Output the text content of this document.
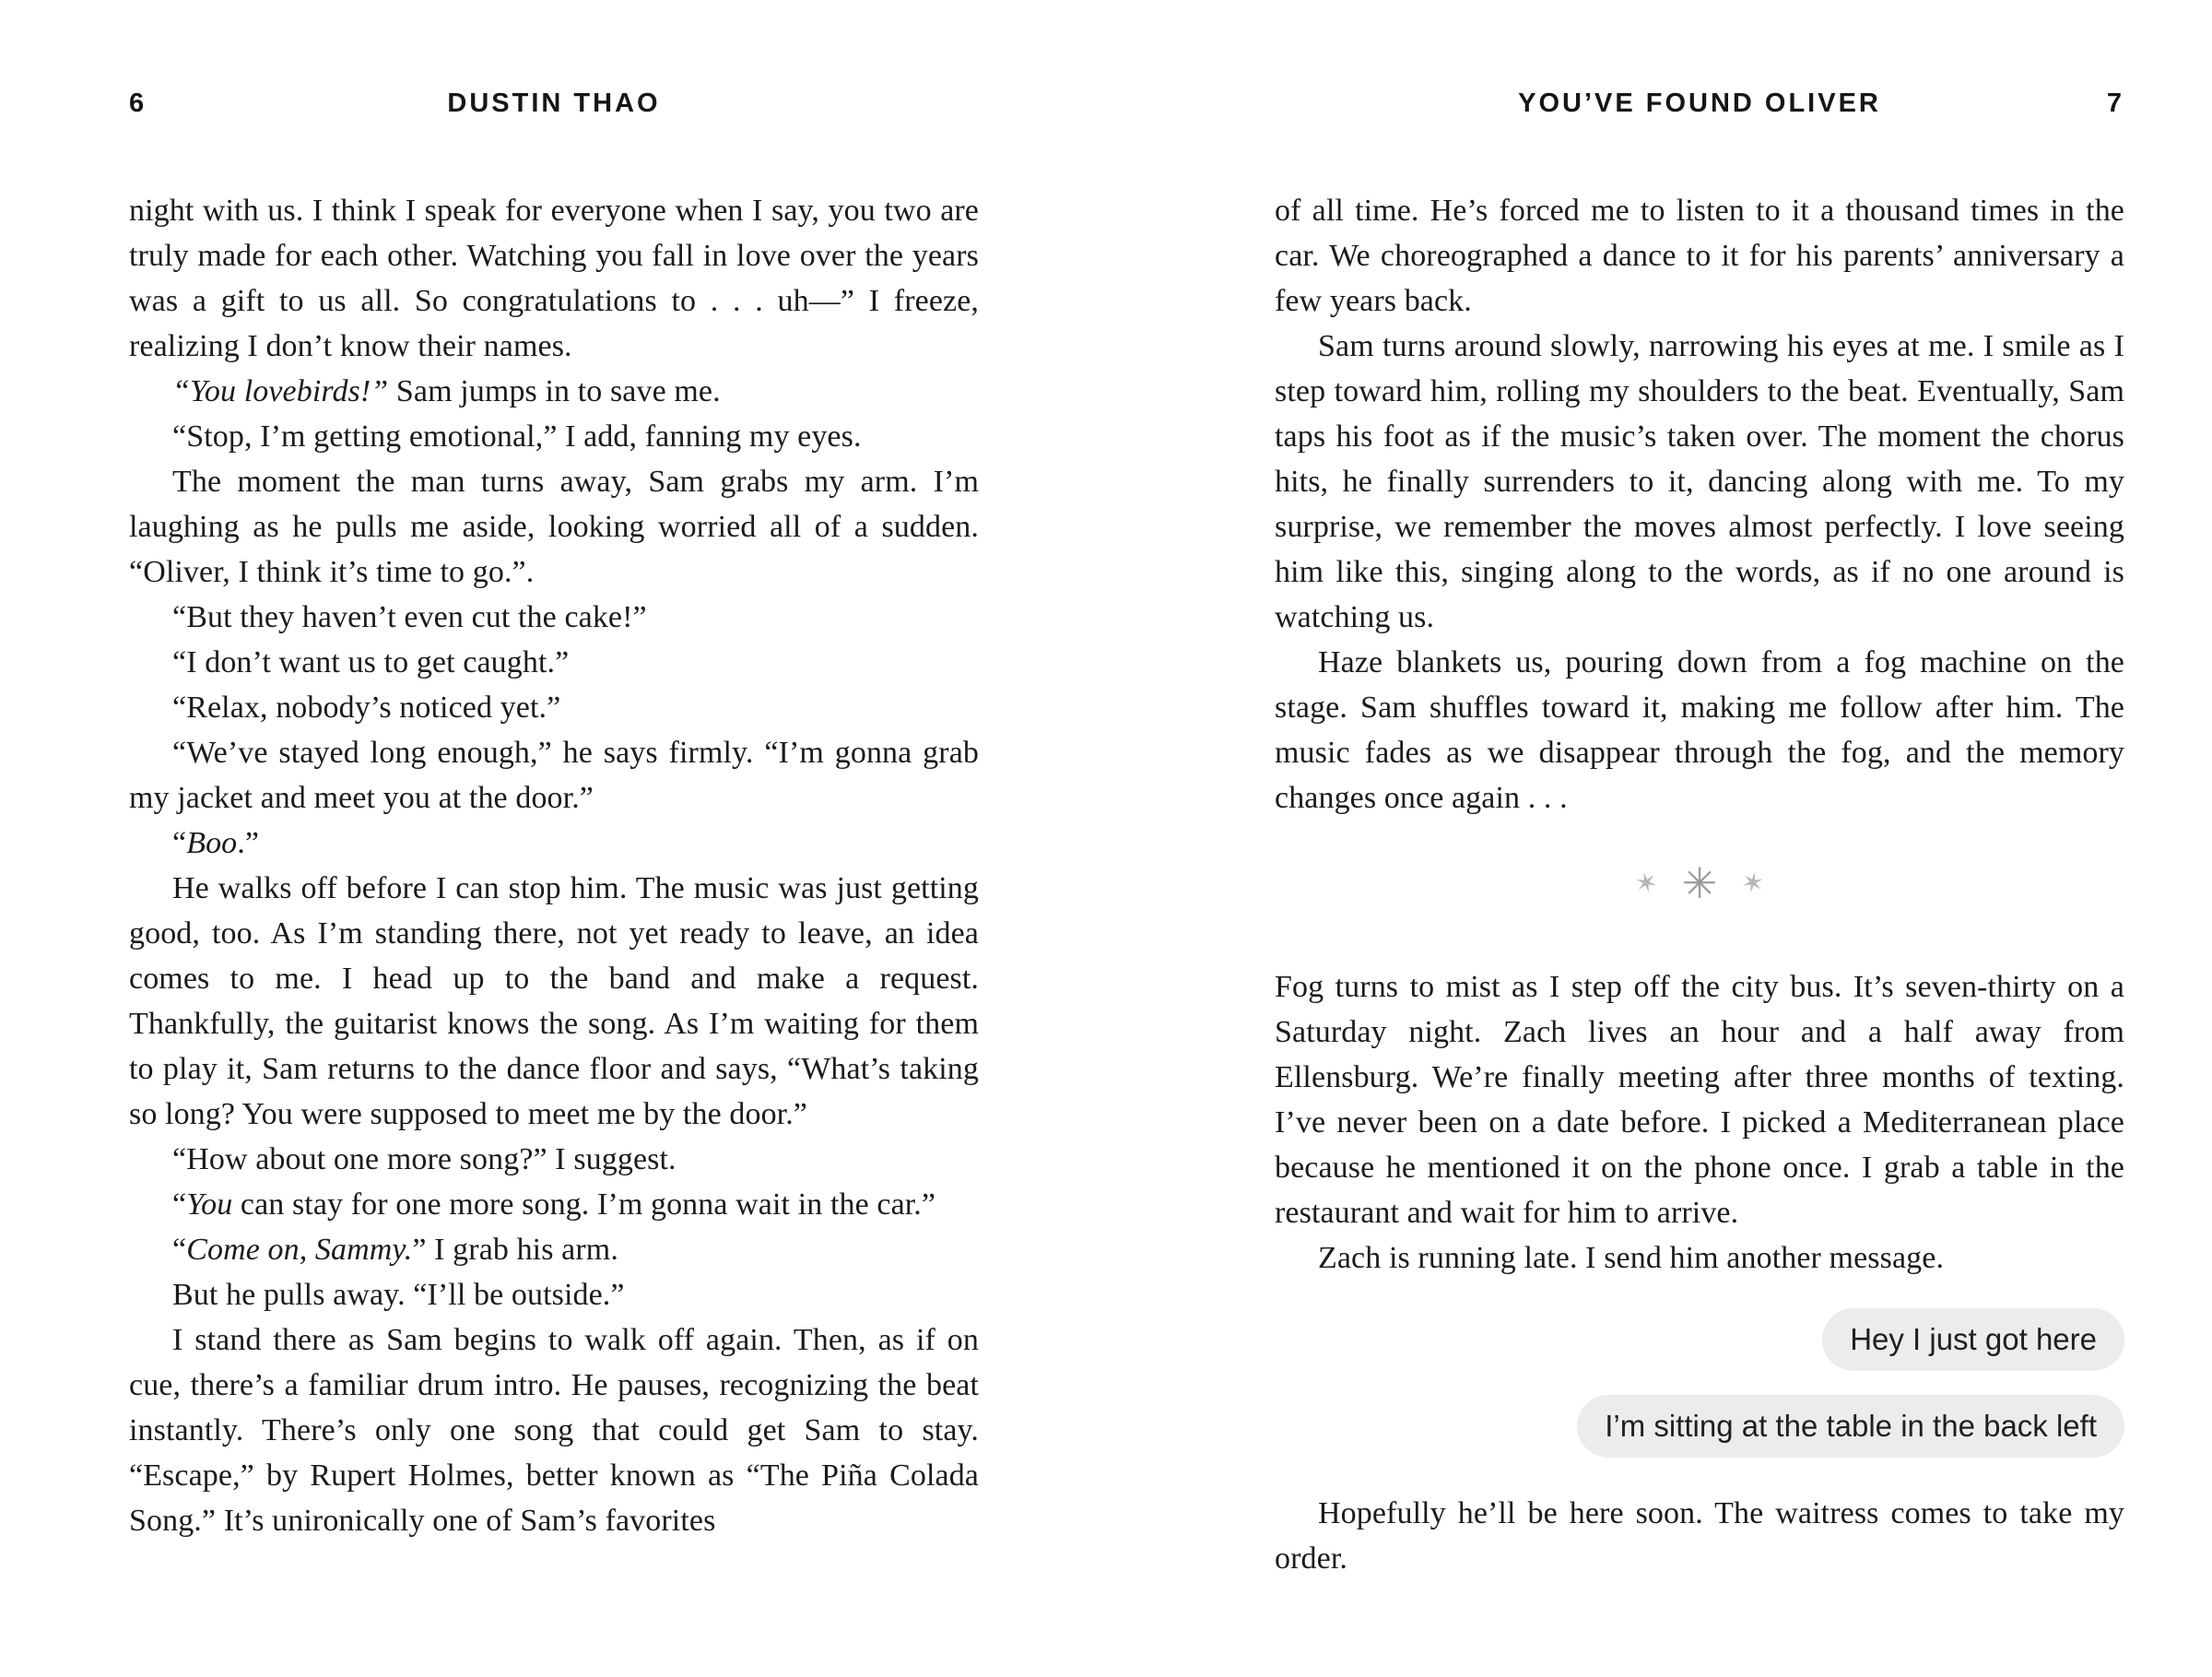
6	DUSTIN THAO

night with us. I think I speak for everyone when I say, you two are truly made for each other. Watching you fall in love over the years was a gift to us all. So congratulations to . . . uh—” I freeze, realizing I don’t know their names.

“You lovebirds!” Sam jumps in to save me.

“Stop, I’m getting emotional,” I add, fanning my eyes.

The moment the man turns away, Sam grabs my arm. I’m laughing as he pulls me aside, looking worried all of a sudden. “Oliver, I think it’s time to go.”.

“But they haven’t even cut the cake!”

“I don’t want us to get caught.”

“Relax, nobody’s noticed yet.”

“We’ve stayed long enough,” he says firmly. “I’m gonna grab my jacket and meet you at the door.”

“Boo.”

He walks off before I can stop him. The music was just getting good, too. As I’m standing there, not yet ready to leave, an idea comes to me. I head up to the band and make a request. Thankfully, the guitarist knows the song. As I’m waiting for them to play it, Sam returns to the dance floor and says, “What’s taking so long? You were supposed to meet me by the door.”

“How about one more song?” I suggest.

“You can stay for one more song. I’m gonna wait in the car.”

“Come on, Sammy.” I grab his arm.

But he pulls away. “I’ll be outside.”

I stand there as Sam begins to walk off again. Then, as if on cue, there’s a familiar drum intro. He pauses, recognizing the beat instantly. There’s only one song that could get Sam to stay. “Escape,” by Rupert Holmes, better known as “The Piña Colada Song.” It’s unironically one of Sam’s favorites

YOU’VE FOUND OLIVER	7

of all time. He’s forced me to listen to it a thousand times in the car. We choreographed a dance to it for his parents’ anniversary a few years back.

Sam turns around slowly, narrowing his eyes at me. I smile as I step toward him, rolling my shoulders to the beat. Eventually, Sam taps his foot as if the music’s taken over. The moment the chorus hits, he finally surrenders to it, dancing along with me. To my surprise, we remember the moves almost perfectly. I love seeing him like this, singing along to the words, as if no one around is watching us.

Haze blankets us, pouring down from a fog machine on the stage. Sam shuffles toward it, making me follow after him. The music fades as we disappear through the fog, and the memory changes once again . . .

✶ ✳ ✶

Fog turns to mist as I step off the city bus. It’s seven-thirty on a Saturday night. Zach lives an hour and a half away from Ellensburg. We’re finally meeting after three months of texting. I’ve never been on a date before. I picked a Mediterranean place because he mentioned it on the phone once. I grab a table in the restaurant and wait for him to arrive.

Zach is running late. I send him another message.

Hey I just got here
I’m sitting at the table in the back left

Hopefully he’ll be here soon. The waitress comes to take my order.
